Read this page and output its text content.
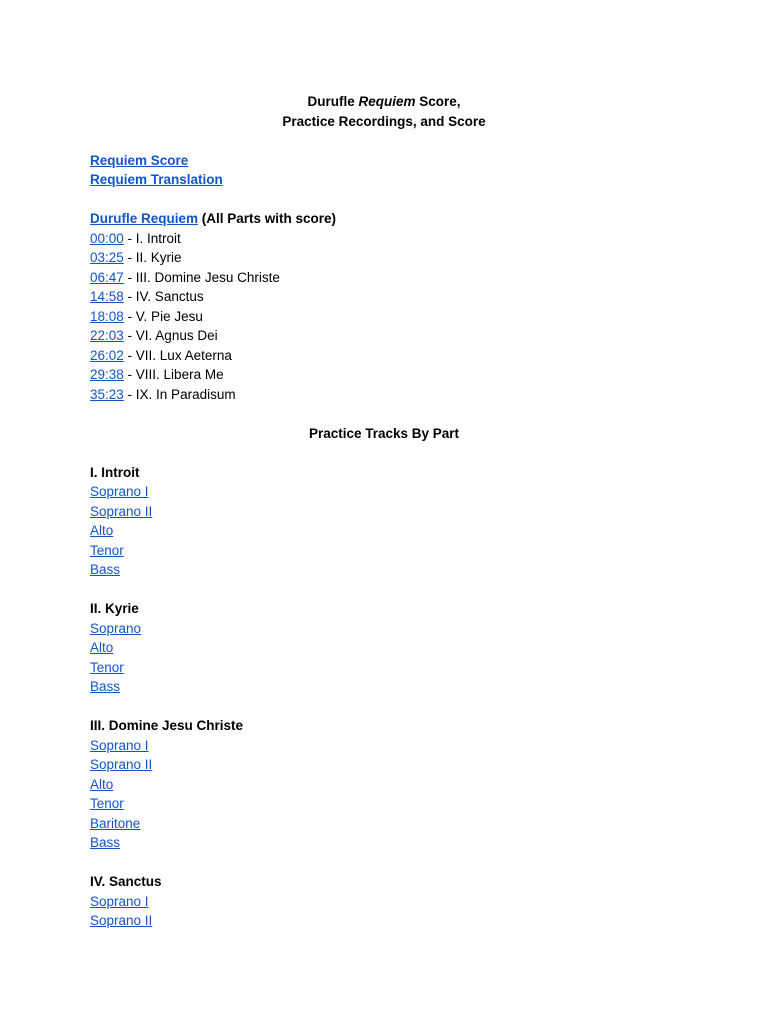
Durufle Requiem Score,
Practice Recordings, and Score
Requiem Score
Requiem Translation
Durufle Requiem (All Parts with score)
00:00 - I. Introit
03:25 - II. Kyrie
06:47 - III. Domine Jesu Christe
14:58 - IV. Sanctus
18:08 - V. Pie Jesu
22:03 - VI. Agnus Dei
26:02 - VII. Lux Aeterna
29:38 - VIII. Libera Me
35:23 - IX. In Paradisum
Practice Tracks By Part
I. Introit
Soprano I
Soprano II
Alto
Tenor
Bass
II. Kyrie
Soprano
Alto
Tenor
Bass
III. Domine Jesu Christe
Soprano I
Soprano II
Alto
Tenor
Baritone
Bass
IV. Sanctus
Soprano I
Soprano II
